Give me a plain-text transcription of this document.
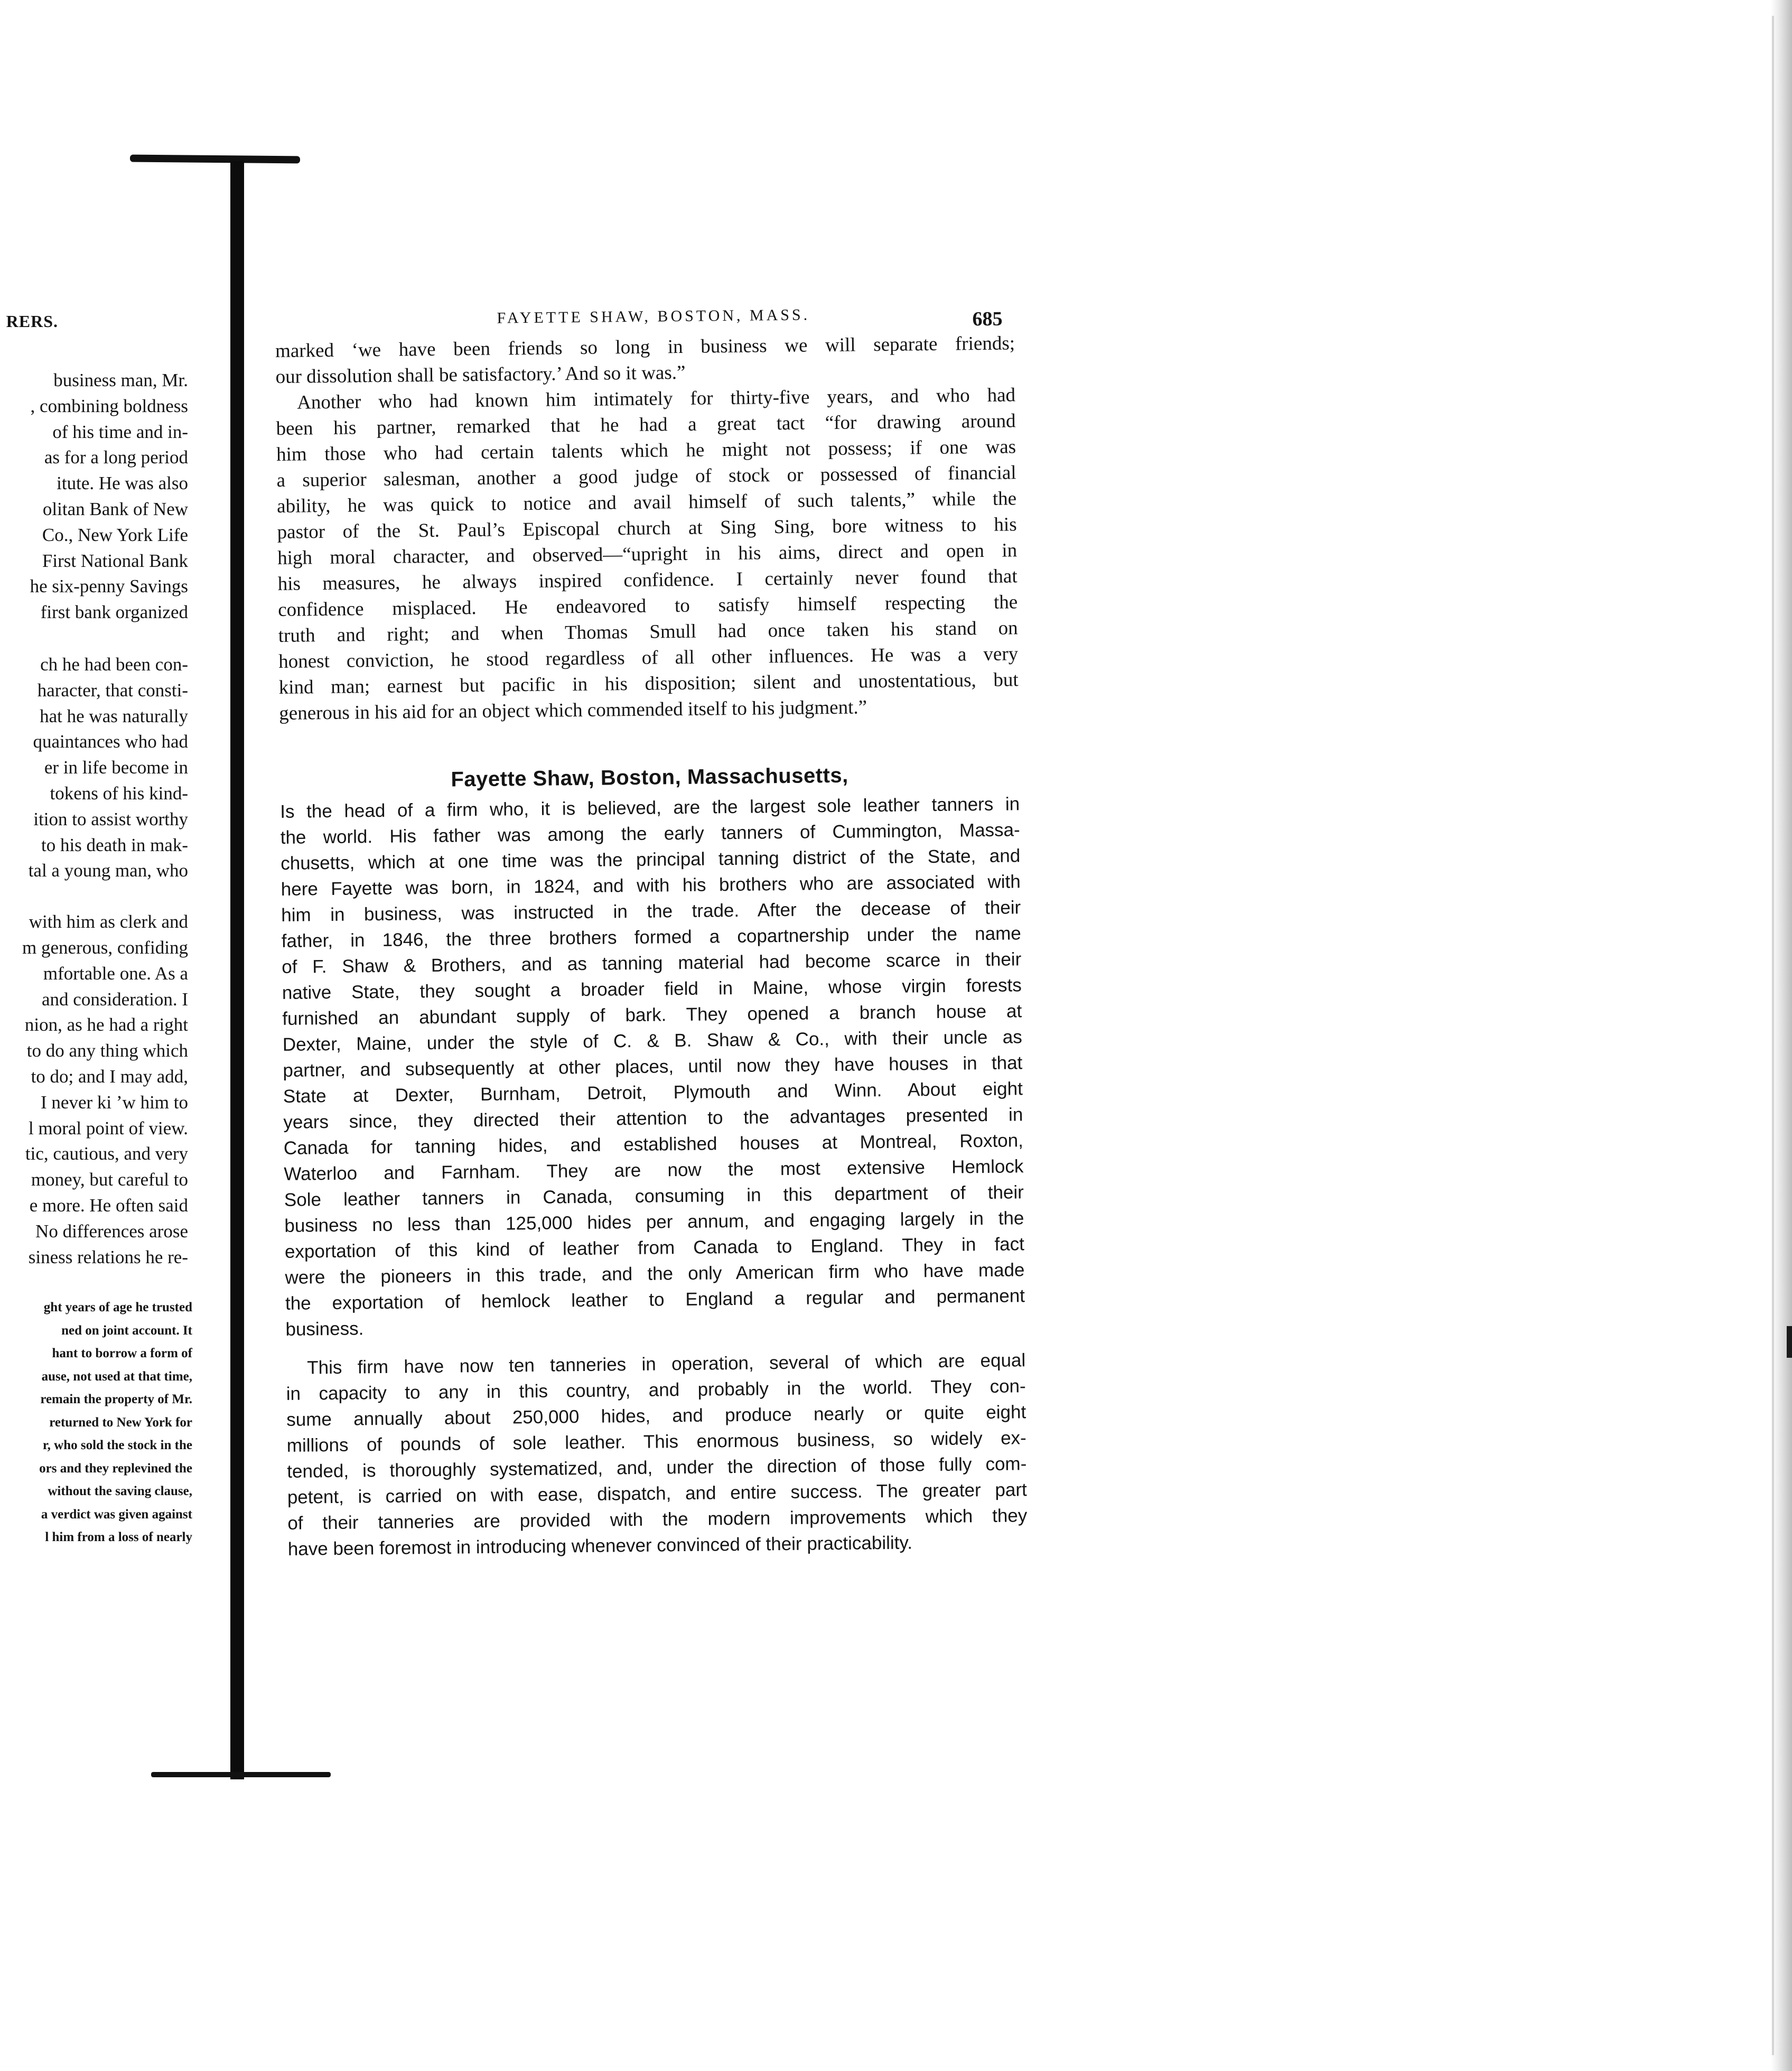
RERS.
business man, Mr.
, combining boldness
of his time and in-
as for a long period
itute. He was also
olitan Bank of New
Co., New York Life
First National Bank
he six-penny Savings
first bank organized
ch he had been con-
haracter, that consti-
hat he was naturally
quaintances who had
er in life become in
tokens of his kind-
ition to assist worthy
to his death in mak-
tal a young man, who
with him as clerk and
m generous, confiding
mfortable one. As a
and consideration. I
nion, as he had a right
to do any thing which
to do; and I may add,
I never ki ʼw him to
l moral point of view.
tic, cautious, and very
money, but careful to
e more. He often said
No differences arose
siness relations he re-
ght years of age he trusted
ned on joint account. It
hant to borrow a form of
ause, not used at that time,
remain the property of Mr.
returned to New York for
r, who sold the stock in the
ors and they replevined the
without the saving clause,
a verdict was given against
l him from a loss of nearly
FAYETTE SHAW, BOSTON, MASS.	685
marked ‘we have been friends so long in business we will separate friends;
our dissolution shall be satisfactory.’ And so it was.”
Another who had known him intimately for thirty-five years, and who had
been his partner, remarked that he had a great tact “for drawing around
him those who had certain talents which he might not possess; if one was
a superior salesman, another a good judge of stock or possessed of financial
ability, he was quick to notice and avail himself of such talents,” while the
pastor of the St. Paul’s Episcopal church at Sing Sing, bore witness to his
high moral character, and observed—“upright in his aims, direct and open in
his measures, he always inspired confidence. I certainly never found that
confidence misplaced. He endeavored to satisfy himself respecting the
truth and right; and when Thomas Smull had once taken his stand on
honest conviction, he stood regardless of all other influences. He was a very
kind man; earnest but pacific in his disposition; silent and unostentatious, but
generous in his aid for an object which commended itself to his judgment.”
Fayette Shaw, Boston, Massachusetts,
Is the head of a firm who, it is believed, are the largest sole leather tanners in
the world. His father was among the early tanners of Cummington, Massa-
chusetts, which at one time was the principal tanning district of the State, and
here Fayette was born, in 1824, and with his brothers who are associated with
him in business, was instructed in the trade. After the decease of their
father, in 1846, the three brothers formed a copartnership under the name
of F. Shaw & Brothers, and as tanning material had become scarce in their
native State, they sought a broader field in Maine, whose virgin forests
furnished an abundant supply of bark. They opened a branch house at
Dexter, Maine, under the style of C. & B. Shaw & Co., with their uncle as
partner, and subsequently at other places, until now they have houses in that
State at Dexter, Burnham, Detroit, Plymouth and Winn. About eight
years since, they directed their attention to the advantages presented in
Canada for tanning hides, and established houses at Montreal, Roxton,
Waterloo and Farnham. They are now the most extensive Hemlock
Sole leather tanners in Canada, consuming in this department of their
business no less than 125,000 hides per annum, and engaging largely in the
exportation of this kind of leather from Canada to England. They in fact
were the pioneers in this trade, and the only American firm who have made
the exportation of hemlock leather to England a regular and permanent
business.
This firm have now ten tanneries in operation, several of which are equal
in capacity to any in this country, and probably in the world. They con-
sume annually about 250,000 hides, and produce nearly or quite eight
millions of pounds of sole leather. This enormous business, so widely ex-
tended, is thoroughly systematized, and, under the direction of those fully com-
petent, is carried on with ease, dispatch, and entire success. The greater part
of their tanneries are provided with the modern improvements which they
have been foremost in introducing whenever convinced of their practicability.
